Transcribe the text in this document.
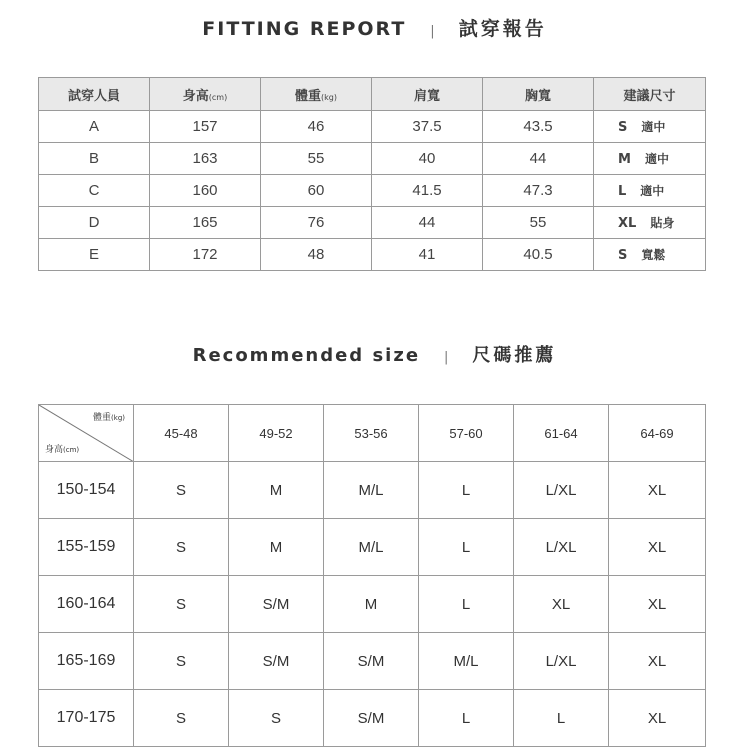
FITTING REPORT | 試穿報告
試穿人員	身高(cm)	體重(kg)	肩寬	胸寬	建議尺寸
A	157	46	37.5	43.5	S 適中
B	163	55	40	44	M 適中
C	160	60	41.5	47.3	L 適中
D	165	76	44	55	XL 貼身
E	172	48	41	40.5	S 寬鬆
Recommended size | 尺碼推薦
體重(kg)
身高(cm)	45-48	49-52	53-56	57-60	61-64	64-69
150-154	S	M	M/L	L	L/XL	XL
155-159	S	M	M/L	L	L/XL	XL
160-164	S	S/M	M	L	XL	XL
165-169	S	S/M	S/M	M/L	L/XL	XL
170-175	S	S	S/M	L	L	XL
